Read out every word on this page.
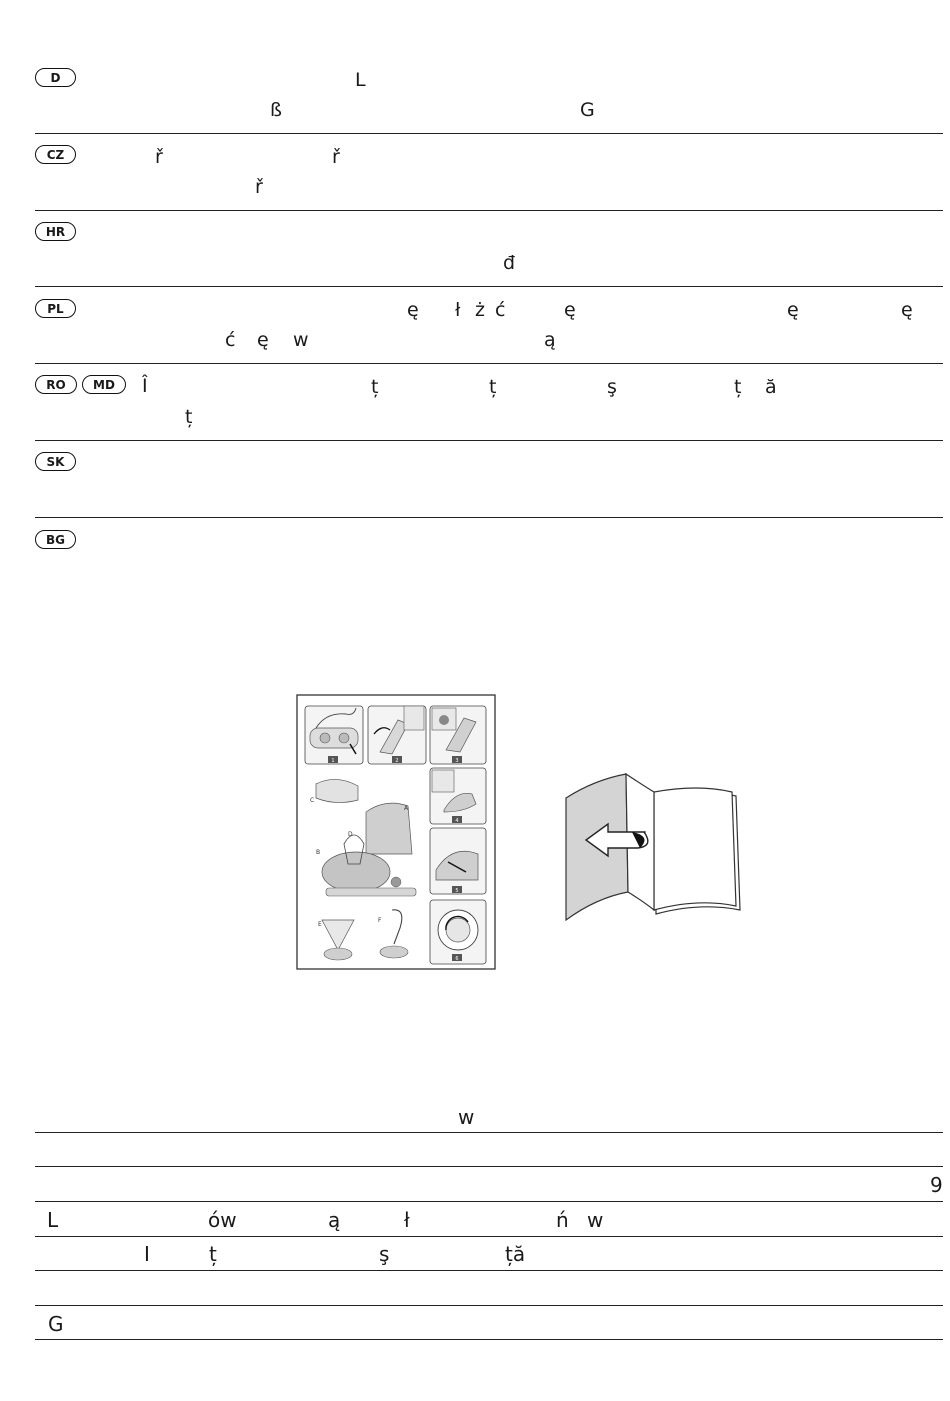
D	L
ß	G
CZ	ř	ř
ř
HR
đ
PL	ę ł ż ć	ę	ę	ę
ć ę w	ą
RO	MD	Î	ț	ț	ş	ț ă
ț
SK
BG
A
B
C
D
E
F
1	2	3
4
5
6
w
9
L	ów	ą	ł	ń w
I	ț	ş	ță
G
